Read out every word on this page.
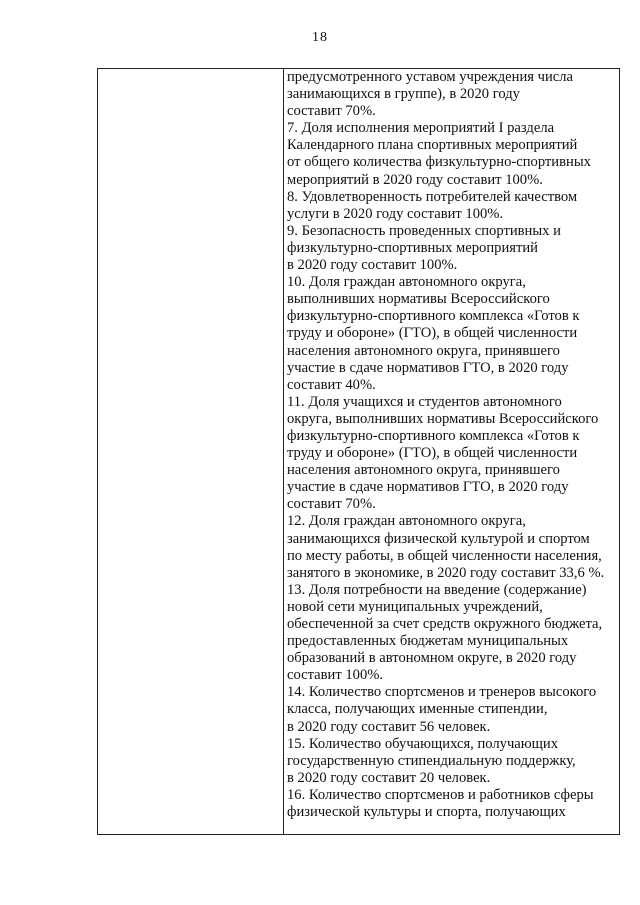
18
предусмотренного уставом учреждения числа
занимающихся в группе), в 2020 году
составит 70%.
7. Доля исполнения мероприятий I раздела
Календарного плана спортивных мероприятий
от общего количества физкультурно-спортивных
мероприятий в 2020 году составит 100%.
8. Удовлетворенность потребителей качеством
услуги в 2020 году составит 100%.
9. Безопасность проведенных спортивных и
физкультурно-спортивных мероприятий
в 2020 году составит 100%.
10. Доля граждан автономного округа,
выполнивших нормативы Всероссийского
физкультурно-спортивного комплекса «Готов к
труду и обороне» (ГТО), в общей численности
населения автономного округа, принявшего
участие в сдаче нормативов ГТО, в 2020 году
составит 40%.
11. Доля учащихся и студентов автономного
округа, выполнивших нормативы Всероссийского
физкультурно-спортивного комплекса «Готов к
труду и обороне» (ГТО), в общей численности
населения автономного округа, принявшего
участие в сдаче нормативов ГТО, в 2020 году
составит 70%.
12. Доля граждан автономного округа,
занимающихся физической культурой и спортом
по месту работы, в общей численности населения,
занятого в экономике, в 2020 году составит 33,6 %.
13. Доля потребности на введение (содержание)
новой сети муниципальных учреждений,
обеспеченной за счет средств окружного бюджета,
предоставленных бюджетам муниципальных
образований в автономном округе, в 2020 году
составит 100%.
14. Количество спортсменов и тренеров высокого
класса, получающих именные стипендии,
в 2020 году составит 56 человек.
15. Количество обучающихся, получающих
государственную стипендиальную поддержку,
в 2020 году составит 20 человек.
16. Количество спортсменов и работников сферы
физической культуры и спорта, получающих
